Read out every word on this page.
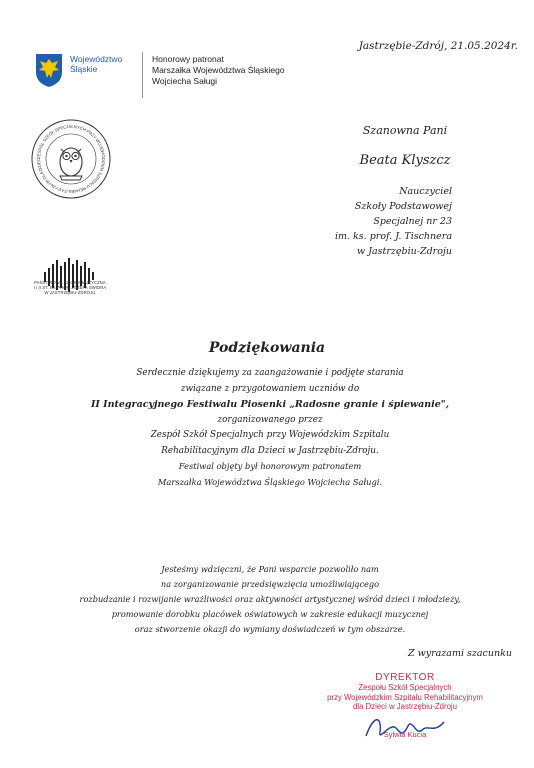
Województwo
Śląskie
Honorowy patronat
Marszałka Województwa Śląskiego
Wojciecha Saługi
Jastrzębie-Zdrój, 21.05.2024r.
ZESPÓŁ SZKÓŁ SPECJALNYCH PRZY WOJEWÓDZKIM SZPITALU REHABILITACYJNYM DLA DZIEC
PAŃSTWOWA SZKOŁA MUZYCZNA
I i II ST. IM. PROF. JÓZEFA ŚWIDRA
W JASTRZĘBIU-ZDROJU
Szanowna Pani
Beata Klyszcz
Nauczyciel
Szkoły Podstawowej
Specjalnej nr 23
im. ks. prof. J. Tischnera
w Jastrzębiu-Zdroju
Podziękowania
Serdecznie dziękujemy za zaangażowanie i podjęte starania
związane z przygotowaniem uczniów do
II Integracyjnego Festiwalu Piosenki „Radosne granie i śpiewanie",
zorganizowanego przez
Zespół Szkół Specjalnych przy Wojewódzkim Szpitalu
Rehabilitacyjnym dla Dzieci w Jastrzębiu-Zdroju.
Festiwal objęty był honorowym patronatem
Marszałka Województwa Śląskiego Wojciecha Saługi.
Jesteśmy wdzięczni, że Pani wsparcie pozwoliło nam
na zorganizowanie przedsięwzięcia umożliwiającego
rozbudzanie i rozwijanie wrażliwości oraz aktywności artystycznej wśród dzieci i młodzieży,
promowanie dorobku placówek oświatowych w zakresie edukacji muzycznej
oraz stworzenie okazji do wymiany doświadczeń w tym obszarze.
Z wyrazami szacunku
DYREKTOR
Zespołu Szkół Specjalnych
przy Wojewódzkim Szpitalu Rehabilitacyjnym
dla Dzieci w Jastrzębiu-Zdroju
Sylwia Kucia
